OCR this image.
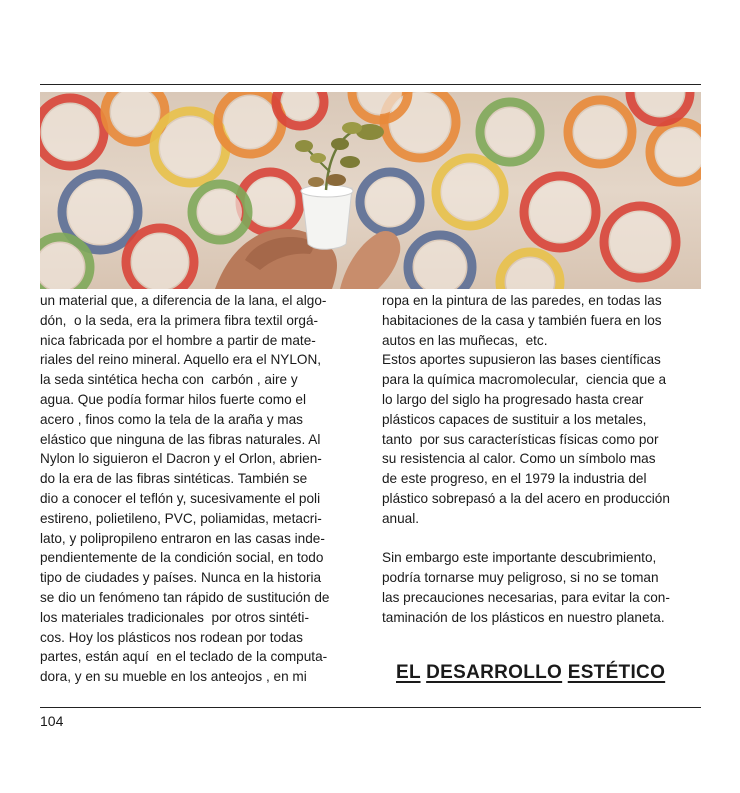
un material que, a diferencia de la lana, el algo-

dón,  o la seda, era la primera fibra textil orgá-

nica fabricada por el hombre a partir de mate-

riales del reino mineral. Aquello era el NYLON,

la seda sintética hecha con  carbón , aire y

agua. Que podía formar hilos fuerte como el

acero , finos como la tela de la araña y mas

elástico que ninguna de las fibras naturales. Al

Nylon lo siguieron el Dacron y el Orlon, abrien-

do la era de las fibras sintéticas. También se

dio a conocer el teflón y, sucesivamente el poli

estireno, polietileno, PVC, poliamidas, metacri-

lato, y polipropileno entraron en las casas inde-

pendientemente de la condición social, en todo

tipo de ciudades y países. Nunca en la historia

se dio un fenómeno tan rápido de sustitución de

los materiales tradicionales  por otros sintéti-

cos. Hoy los plásticos nos rodean por todas

partes, están aquí  en el teclado de la computa-

dora, y en su mueble en los anteojos , en mi

ropa en la pintura de las paredes, en todas las

habitaciones de la casa y también fuera en los

autos en las muñecas,  etc.

Estos aportes supusieron las bases científicas

para la química macromolecular,  ciencia que a

lo largo del siglo ha progresado hasta crear

plásticos capaces de sustituir a los metales,

tanto  por sus características físicas como por

su resistencia al calor. Como un símbolo mas

de este progreso, en el 1979 la industria del

plástico sobrepasó a la del acero en producción

anual.

Sin embargo este importante descubrimiento,

podría tornarse muy peligroso, si no se toman

las precauciones necesarias, para evitar la con-

taminación de los plásticos en nuestro planeta.

EL DESARROLLO ESTÉTICO
104
